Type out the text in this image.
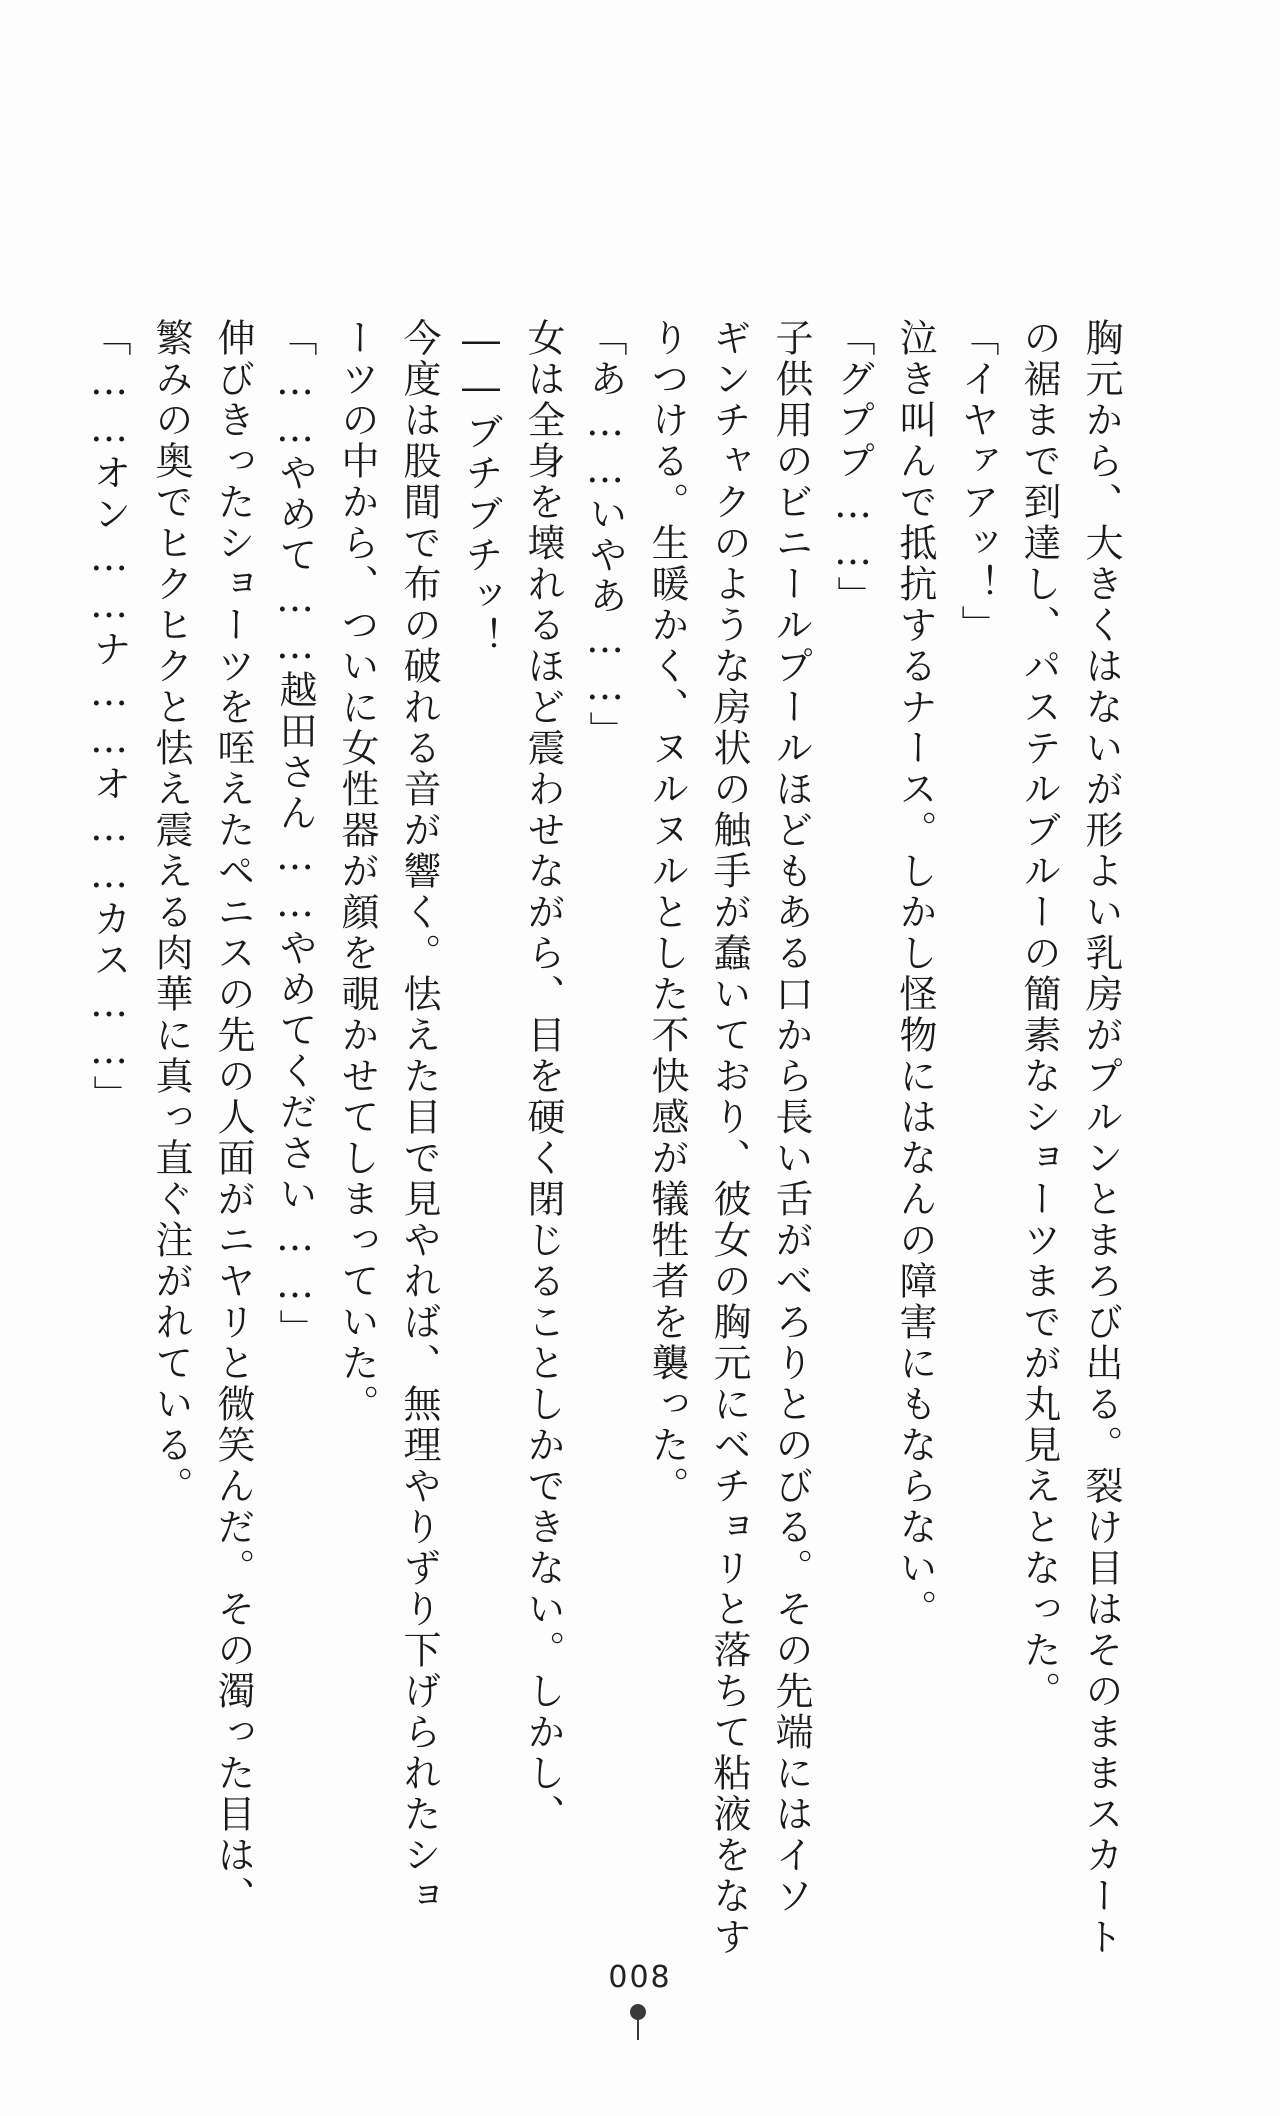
胸元から、大きくはないが形よい乳房がプルンとまろび出る。裂け目はそのままスカート

の裾まで到達し、パステルブルーの簡素なショーツまでが丸見えとなった。

「イヤァアッ！」

泣き叫んで抵抗するナース。しかし怪物にはなんの障害にもならない。

「グププ……」

子供用のビニールプールほどもある口から長い舌がべろりとのびる。その先端にはイソ

ギンチャクのような房状の触手が蠢いており、彼女の胸元にベチョリと落ちて粘液をなす

りつける。生暖かく、ヌルヌルとした不快感が犠牲者を襲った。

「あ……いやあ……」

女は全身を壊れるほど震わせながら、目を硬く閉じることしかできない。しかし、

――ブチブチッ！

今度は股間で布の破れる音が響く。怯えた目で見やれば、無理やりずり下げられたショ

ーツの中から、ついに女性器が顔を覗かせてしまっていた。

「……やめて……越田さん……やめてください……」

伸びきったショーツを咥えたペニスの先の人面がニヤリと微笑んだ。その濁った目は、

繁みの奥でヒクヒクと怯え震える肉華に真っ直ぐ注がれている。

「……オン……ナ……オ……カス……」

008
